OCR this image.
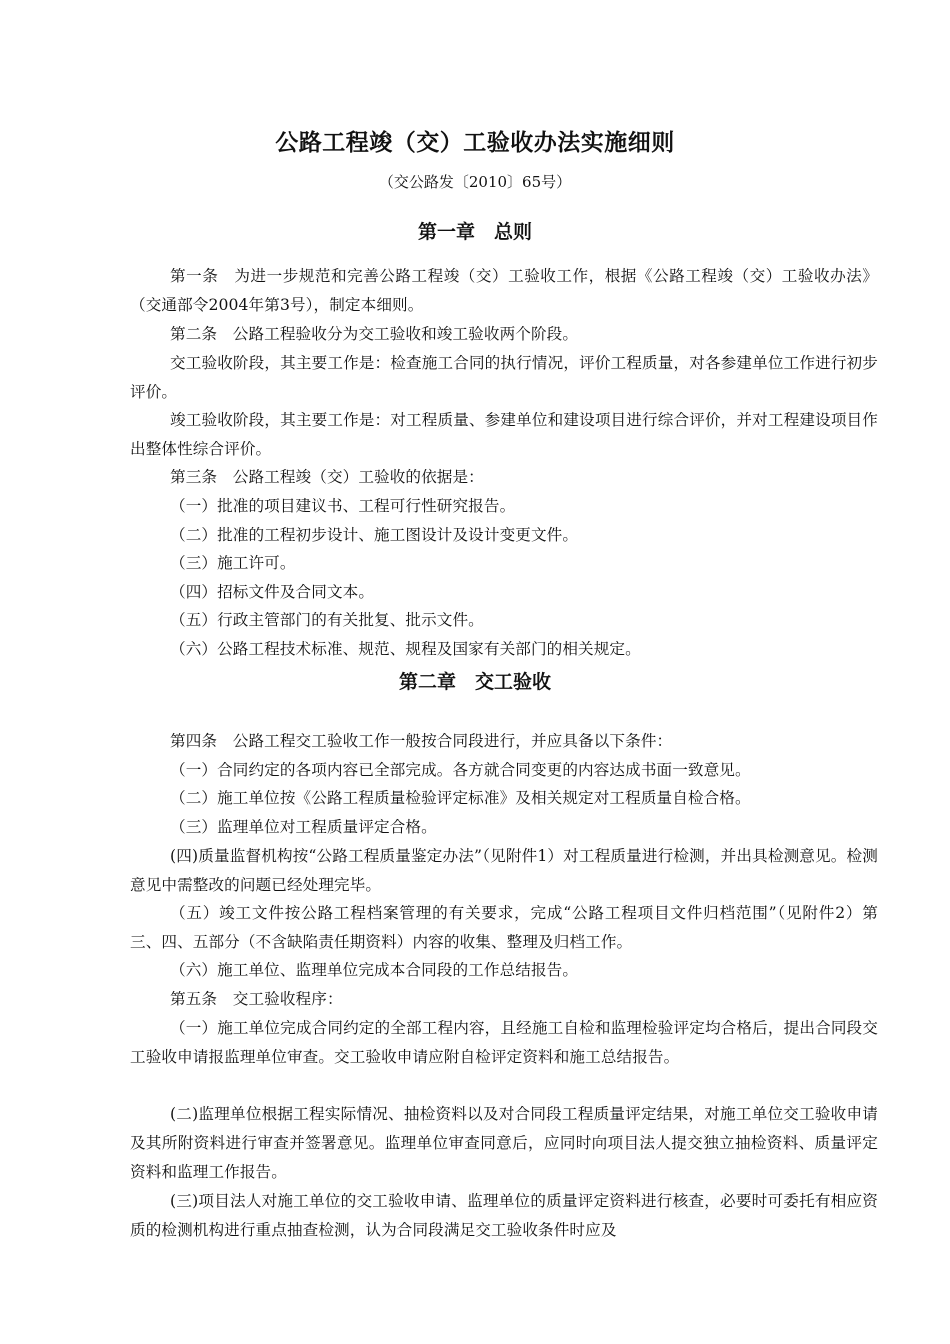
公路工程竣（交）工验收办法实施细则
（交公路发〔2010〕65号）
第一章　总则
第一条　为进一步规范和完善公路工程竣（交）工验收工作，根据《公路工程竣（交）工验收办法》（交通部令2004年第3号），制定本细则。
第二条　公路工程验收分为交工验收和竣工验收两个阶段。
交工验收阶段，其主要工作是：检查施工合同的执行情况，评价工程质量，对各参建单位工作进行初步评价。
竣工验收阶段，其主要工作是：对工程质量、参建单位和建设项目进行综合评价，并对工程建设项目作出整体性综合评价。
第三条　公路工程竣（交）工验收的依据是：
（一）批准的项目建议书、工程可行性研究报告。
（二）批准的工程初步设计、施工图设计及设计变更文件。
（三）施工许可。
（四）招标文件及合同文本。
（五）行政主管部门的有关批复、批示文件。
（六）公路工程技术标准、规范、规程及国家有关部门的相关规定。
第二章　交工验收
第四条　公路工程交工验收工作一般按合同段进行，并应具备以下条件：
（一）合同约定的各项内容已全部完成。各方就合同变更的内容达成书面一致意见。
（二）施工单位按《公路工程质量检验评定标准》及相关规定对工程质量自检合格。
（三）监理单位对工程质量评定合格。
(四)质量监督机构按“公路工程质量鉴定办法”（见附件1）对工程质量进行检测，并出具检测意见。检测意见中需整改的问题已经处理完毕。
（五）竣工文件按公路工程档案管理的有关要求，完成“公路工程项目文件归档范围”（见附件2）第三、四、五部分（不含缺陷责任期资料）内容的收集、整理及归档工作。
（六）施工单位、监理单位完成本合同段的工作总结报告。
第五条　交工验收程序：
（一）施工单位完成合同约定的全部工程内容，且经施工自检和监理检验评定均合格后，提出合同段交工验收申请报监理单位审查。交工验收申请应附自检评定资料和施工总结报告。
(二)监理单位根据工程实际情况、抽检资料以及对合同段工程质量评定结果，对施工单位交工验收申请及其所附资料进行审查并签署意见。监理单位审查同意后，应同时向项目法人提交独立抽检资料、质量评定资料和监理工作报告。
(三)项目法人对施工单位的交工验收申请、监理单位的质量评定资料进行核查，必要时可委托有相应资质的检测机构进行重点抽查检测，认为合同段满足交工验收条件时应及
